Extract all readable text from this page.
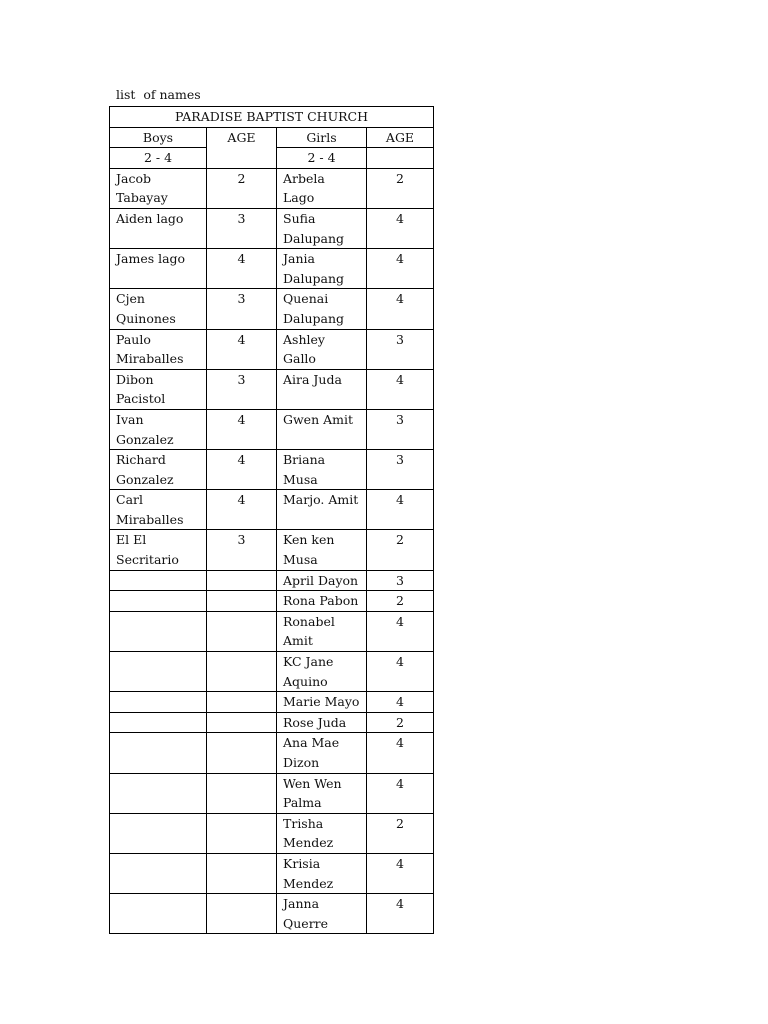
list  of names
PARADISE BAPTIST CHURCH			
Boys	AGE	Girls	AGE
2 - 4		2 - 4	
Jacob Tabayay	2	Arbela Lago	2
Aiden lago	3	Sufia Dalupang	4
James lago	4	Jania Dalupang	4
Cjen Quinones	3	Quenai Dalupang	4
Paulo Miraballes	4	Ashley Gallo	3
Dibon Pacistol	3	Aira Juda	4
Ivan Gonzalez	4	Gwen Amit	3
Richard Gonzalez	4	Briana Musa	3
Carl Miraballes	4	Marjo. Amit	4
El El Secritario	3	Ken ken Musa	2
		April Dayon	3
		Rona Pabon	2
		Ronabel Amit	4
		KC Jane Aquino	4
		Marie Mayo	4
		Rose Juda	2
		Ana Mae Dizon	4
		Wen Wen Palma	4
		Trisha Mendez	2
		Krisia Mendez	4
		Janna Querre	4
